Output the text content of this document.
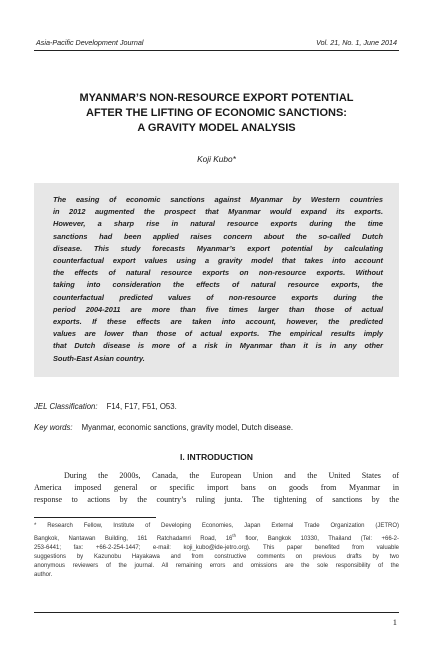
Asia-Pacific Development Journal	Vol. 21, No. 1, June 2014
MYANMAR’S NON-RESOURCE EXPORT POTENTIAL
AFTER THE LIFTING OF ECONOMIC SANCTIONS:
A GRAVITY MODEL ANALYSIS
Koji Kubo*

The easing of economic sanctions against Myanmar by Western countries
in 2012 augmented the prospect that Myanmar would expand its exports.
However, a sharp rise in natural resource exports during the time
sanctions had been applied raises concern about the so-called Dutch
disease. This study forecasts Myanmar’s export potential by calculating
counterfactual export values using a gravity model that takes into account
the effects of natural resource exports on non-resource exports. Without
taking into consideration the effects of natural resource exports, the
counterfactual predicted values of non-resource exports during the
period 2004-2011 are more than five times larger than those of actual
exports. If these effects are taken into account, however, the predicted
values are lower than those of actual exports. The empirical results imply
that Dutch disease is more of a risk in Myanmar than it is in any other
South-East Asian country.

JEL Classification: F14, F17, F51, O53.
Key words: Myanmar, economic sanctions, gravity model, Dutch disease.
I. INTRODUCTION
During the 2000s, Canada, the European Union and the United States of
America imposed general or specific import bans on goods from Myanmar in
response to actions by the country’s ruling junta. The tightening of sanctions by the
* Research Fellow, Institute of Developing Economies, Japan External Trade Organization (JETRO)
Bangkok, Nantawan Building, 161 Ratchadamri Road, 16th floor, Bangkok 10330, Thailand (Tel: +66-2-
253-6441; fax: +66-2-254-1447; e-mail: koji_kubo@ide-jetro.org). This paper benefited from valuable
suggestions by Kazunobu Hayakawa and from constructive comments on previous drafts by two
anonymous reviewers of the journal. All remaining errors and omissions are the sole responsibility of the
author.
1
